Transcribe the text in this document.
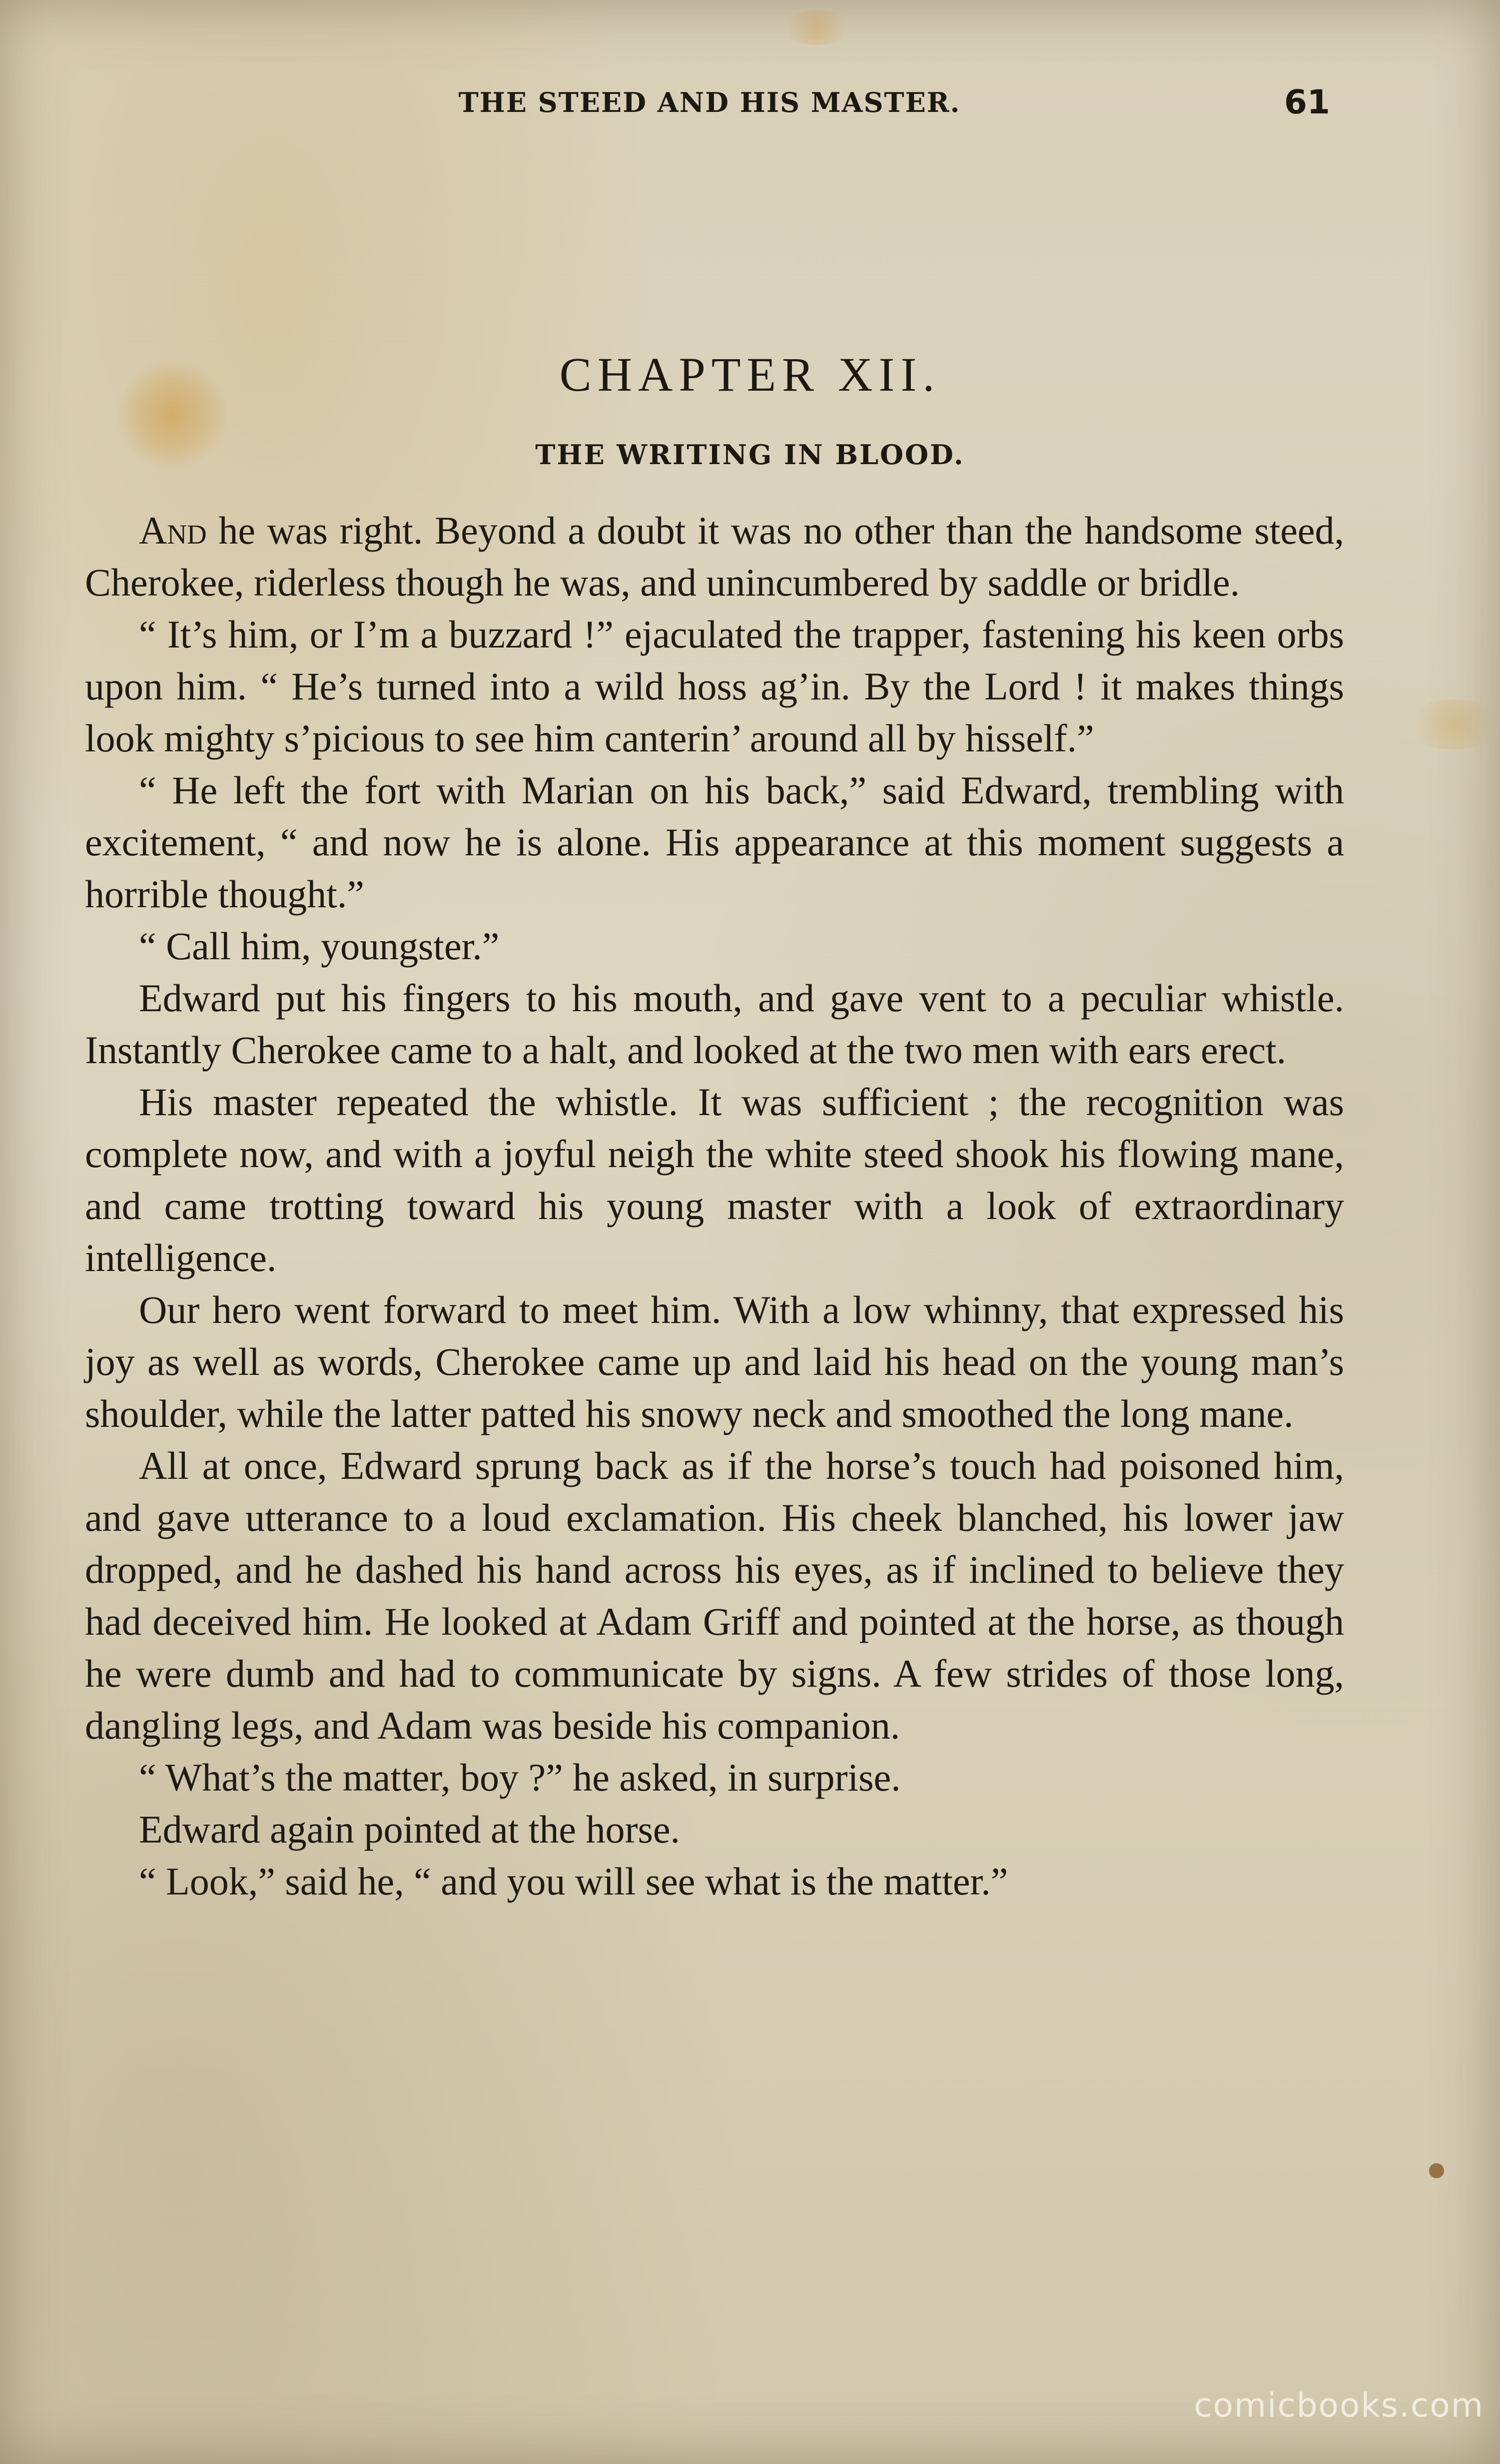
THE STEED AND HIS MASTER.	61
CHAPTER XII.
THE WRITING IN BLOOD.

And he was right. Beyond a doubt it was no other than the handsome steed, Cherokee, riderless though he was, and unincumbered by saddle or bridle.

“ It’s him, or I’m a buzzard !” ejaculated the trapper, fastening his keen orbs upon him. “ He’s turned into a wild hoss ag’in. By the Lord ! it makes things look mighty s’picious to see him canterin’ around all by hisself.”

“ He left the fort with Marian on his back,” said Edward, trembling with excitement, “ and now he is alone. His appearance at this moment suggests a horrible thought.”

“ Call him, youngster.”

Edward put his fingers to his mouth, and gave vent to a peculiar whistle. Instantly Cherokee came to a halt, and looked at the two men with ears erect.

His master repeated the whistle. It was sufficient ; the recognition was complete now, and with a joyful neigh the white steed shook his flowing mane, and came trotting toward his young master with a look of extraordinary intelligence.

Our hero went forward to meet him. With a low whinny, that expressed his joy as well as words, Cherokee came up and laid his head on the young man’s shoulder, while the latter patted his snowy neck and smoothed the long mane.

All at once, Edward sprung back as if the horse’s touch had poisoned him, and gave utterance to a loud exclamation. His cheek blanched, his lower jaw dropped, and he dashed his hand across his eyes, as if inclined to believe they had deceived him. He looked at Adam Griff and pointed at the horse, as though he were dumb and had to communicate by signs. A few strides of those long, dangling legs, and Adam was beside his companion.

“ What’s the matter, boy ?” he asked, in surprise.

Edward again pointed at the horse.

“ Look,” said he, “ and you will see what is the matter.”

comicbooks.com
